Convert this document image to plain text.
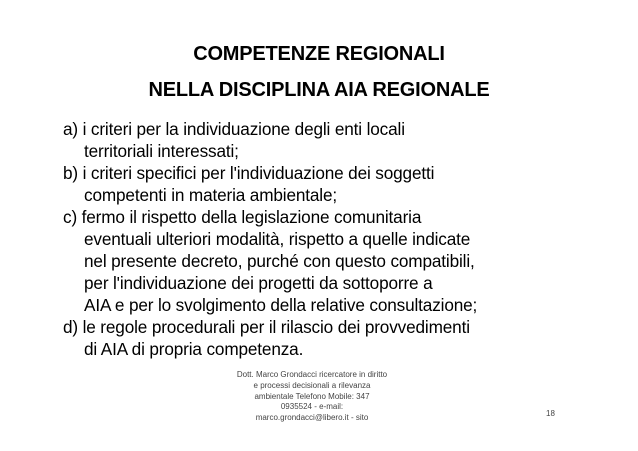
COMPETENZE REGIONALI
NELLA DISCIPLINA AIA REGIONALE
a) i criteri per la individuazione degli enti locali
territoriali interessati;
b) i criteri specifici per l'individuazione dei soggetti
competenti in materia ambientale;
c) fermo il rispetto della legislazione comunitaria
eventuali ulteriori modalità, rispetto a quelle indicate
nel presente decreto, purché con questo compatibili,
per l'individuazione dei progetti da sottoporre a
AIA e per lo svolgimento della relative consultazione;
d) le regole procedurali per il rilascio dei provvedimenti
di AIA di propria competenza.
Dott. Marco Grondacci ricercatore in diritto
e processi decisionali a rilevanza
ambientale Telefono Mobile: 347
0935524 - e-mail:
marco.grondacci@libero.it - sito	18
